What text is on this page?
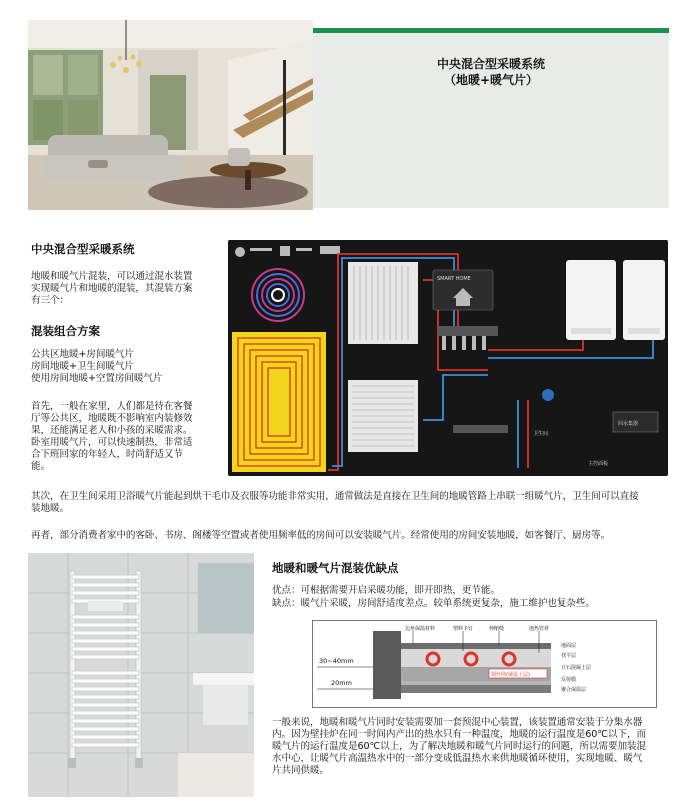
中央混合型采暖系统
（地暖+暖气片）
中央混合型采暖系统
地暖和暖气片混装，可以通过混水装置
实现暖气片和地暖的混装，其混装方案
有三个：
混装组合方案
公共区地暖+房间暖气片
房间地暖+卫生间暖气片
使用房间地暖+空置房间暖气片
首先，一般在家里，人们都是待在客餐
厅等公共区，地暖既不影响室内装修效
果，还能满足老人和小孩的采暖需求。
卧室用暖气片，可以快速制热，非常适
合下班回家的年轻人，时尚舒适又节
能。
SMART HOME
卫生间
回水集器
主控面板
其次，在卫生间采用卫浴暖气片能起到烘干毛巾及衣服等功能非常实用，通常做法是直接在卫生间的地暖管路上串联一组暖气片，卫生间可以直接
装地暖。
再者，部分消费者家中的客卧、书房、阁楼等空置或者使用频率低的房间可以安装暖气片。经常使用的房间安装地暖，如客餐厅、厨房等。
地暖和暖气片混装优缺点
优点：可根据需要开启采暖功能，即开即热，更节能。
缺点：暖气片采暖，房间舒适度差点。较单系统更复杂，施工维护也复杂些。
边角保温材料	塑料卡钉	伸缩缝	地热管材
地面层
找平层
豆石混凝土层
反射膜
聚合保温层
钢丝网(铺设上层)
30~40mm
20mm
一般来说，地暖和暖气片同时安装需要加一套预混中心装置，该装置通常安装于分集水器
内。因为壁挂炉在同一时间内产出的热水只有一种温度，地暖的运行温度是60℃以下，而
暖气片的运行温度是60℃以上，为了解决地暖和暖气片同时运行的问题，所以需要加装混
水中心，让暖气片高温热水中的一部分变成低温热水来供地暖循环使用，实现地暖、暖气
片共同供暖。
